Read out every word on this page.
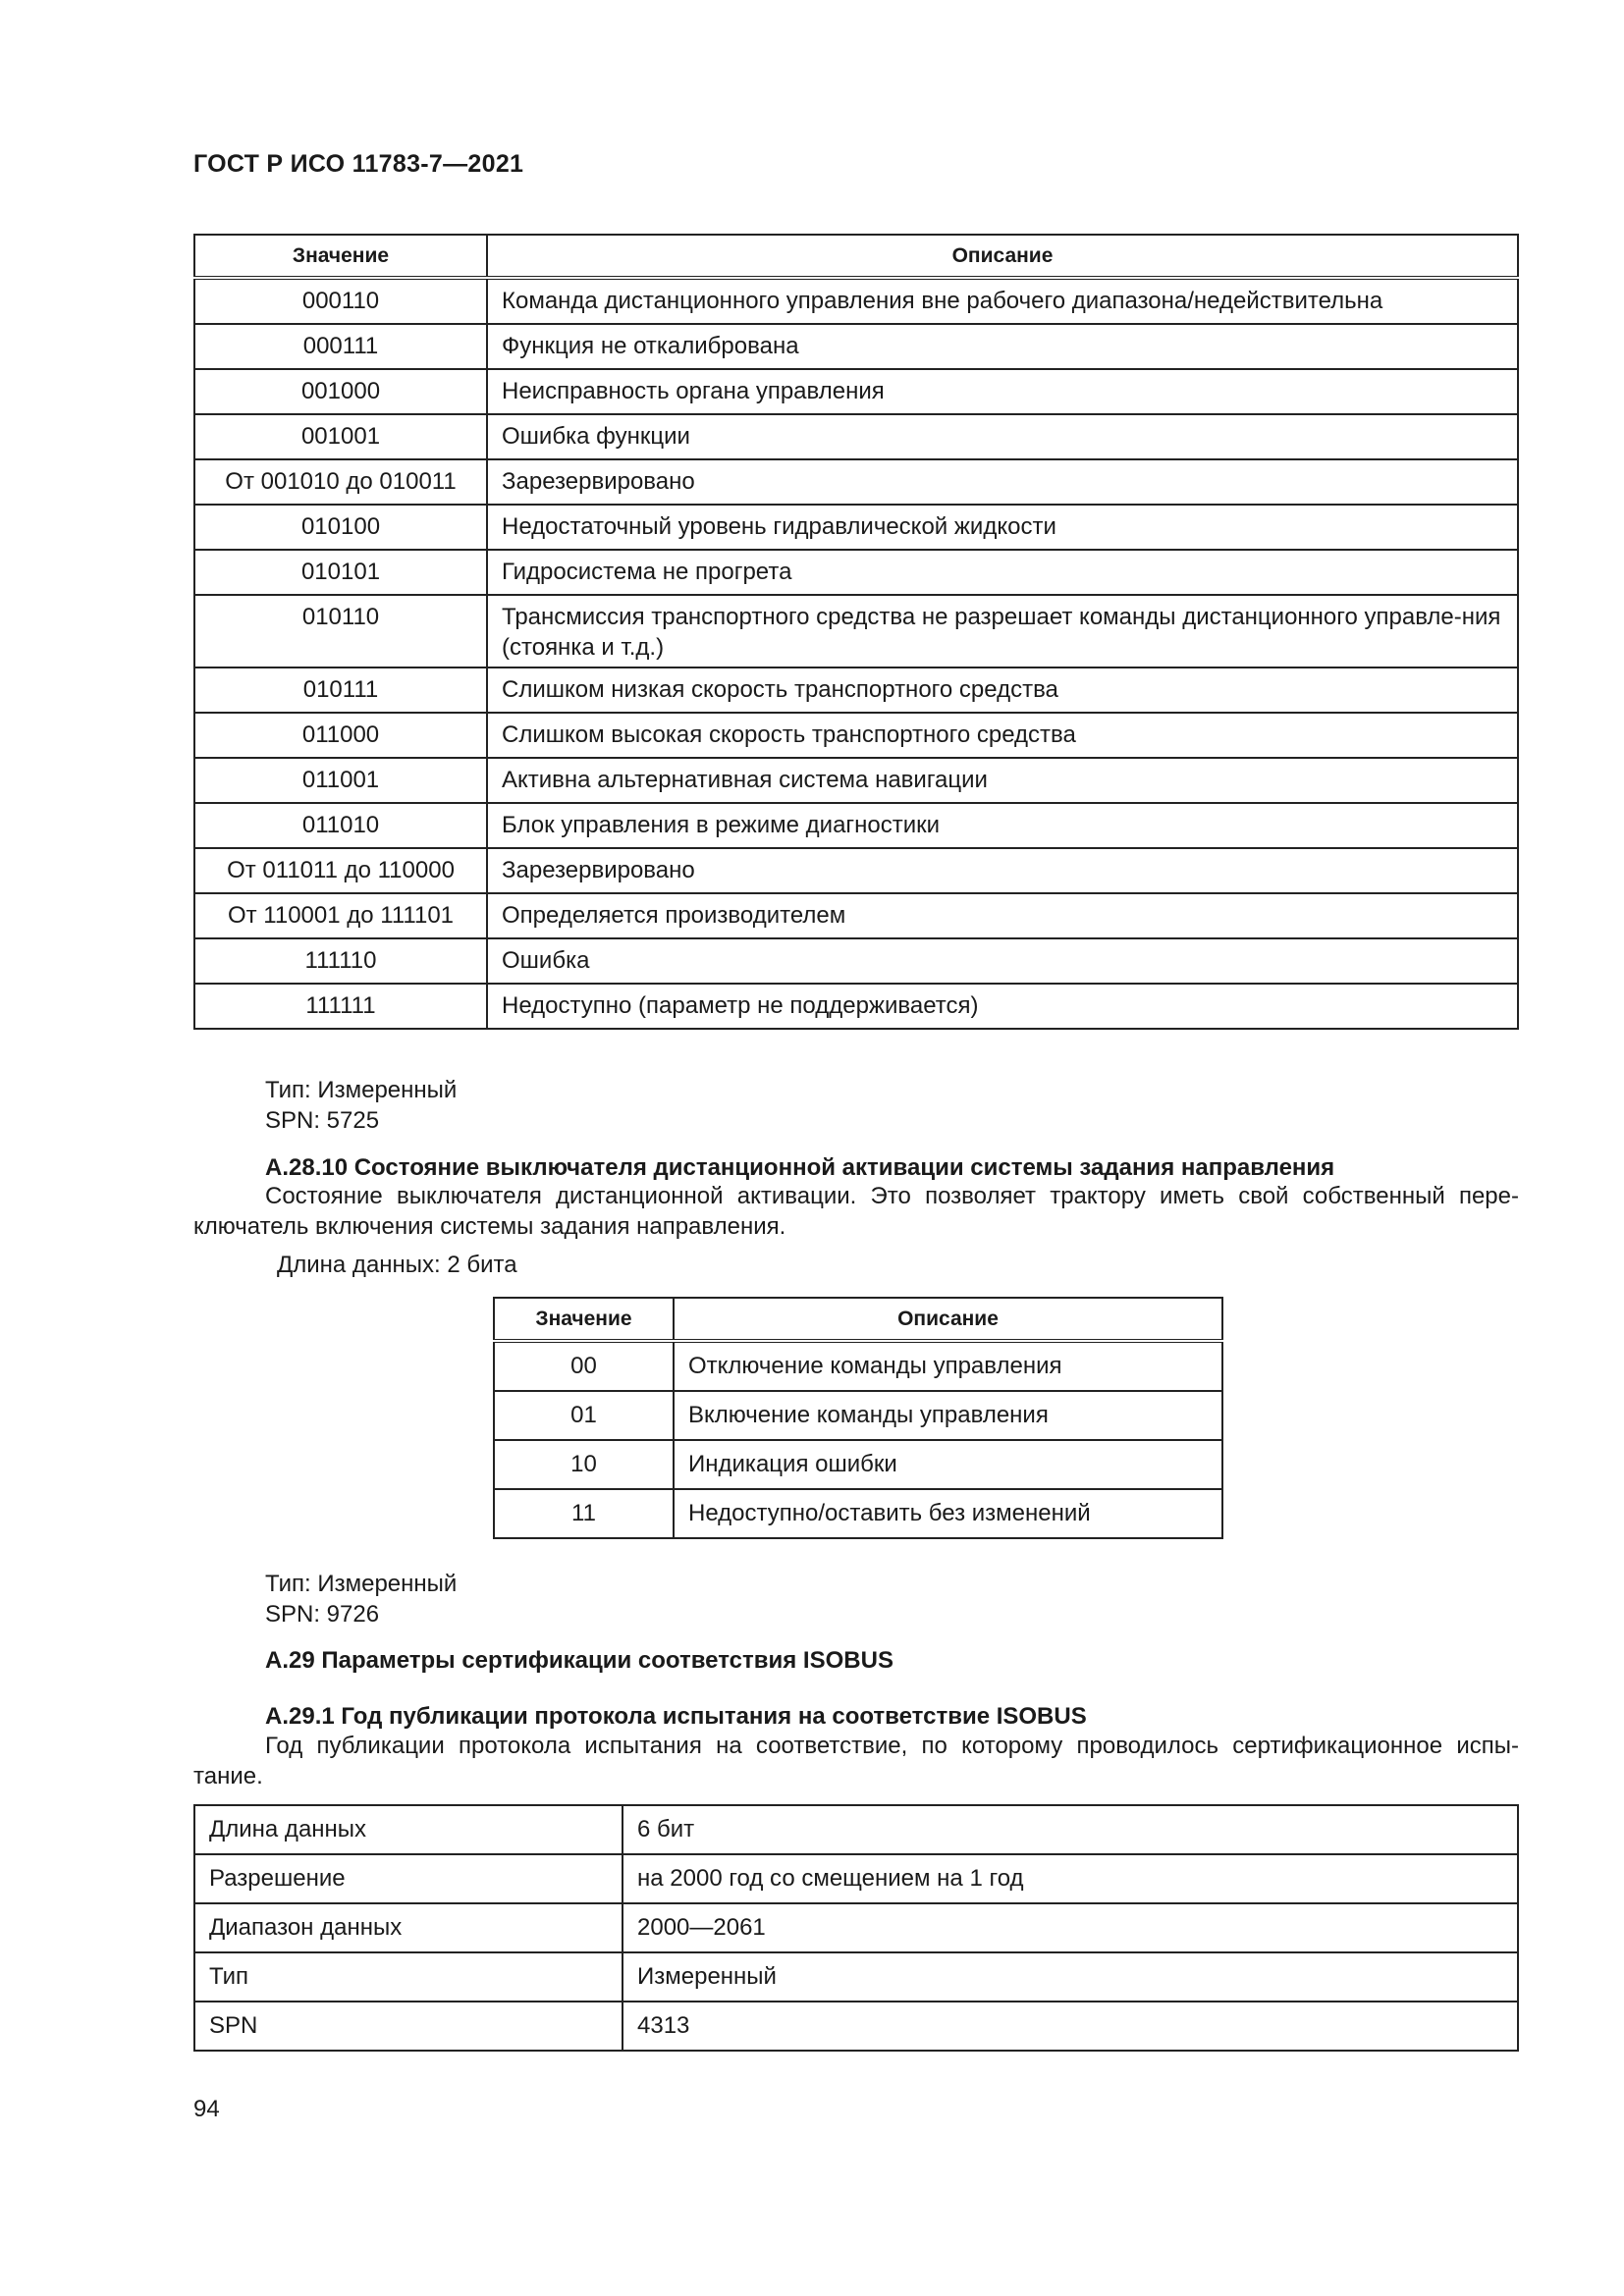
ГОСТ Р ИСО 11783-7—2021
Значение	Описание
000110	Команда дистанционного управления вне рабочего диапазона/недействительна
000111	Функция не откалиброванa
001000	Неисправность органа управления
001001	Ошибка функции
От 001010 до 010011	Зарезервировано
010100	Недостаточный уровень гидравлической жидкости
010101	Гидросистема не прогрета
010110	Трансмиссия транспортного средства не разрешает команды дистанционного управле-ния (стоянка и т.д.)
010111	Слишком низкая скорость транспортного средства
011000	Слишком высокая скорость транспортного средства
011001	Активна альтернативная система навигации
011010	Блок управления в режиме диагностики
От 011011 до 110000	Зарезервировано
От 110001 до 111101	Определяется производителем
111110	Ошибка
111111	Недоступно (параметр не поддерживается)
Тип: Измеренный
SPN: 5725
A.28.10 Состояние выключателя дистанционной активации системы задания направления
Состояние выключателя дистанционной активации. Это позволяет трактору иметь свой собственный пере-
ключатель включения системы задания направления.
Длина данных: 2 бита
Значение	Описание
00	Отключение команды управления
01	Включение команды управления
10	Индикация ошибки
11	Недоступно/оставить без изменений
Тип: Измеренный
SPN: 9726
A.29 Параметры сертификации соответствия ISOBUS
A.29.1 Год публикации протокола испытания на соответствие ISOBUS
Год публикации протокола испытания на соответствие, по которому проводилось сертификационное испы-
тание.
Длина данных	6 бит
Разрешение	на 2000 год со смещением на 1 год
Диапазон данных	2000—2061
Тип	Измеренный
SPN	4313
94
